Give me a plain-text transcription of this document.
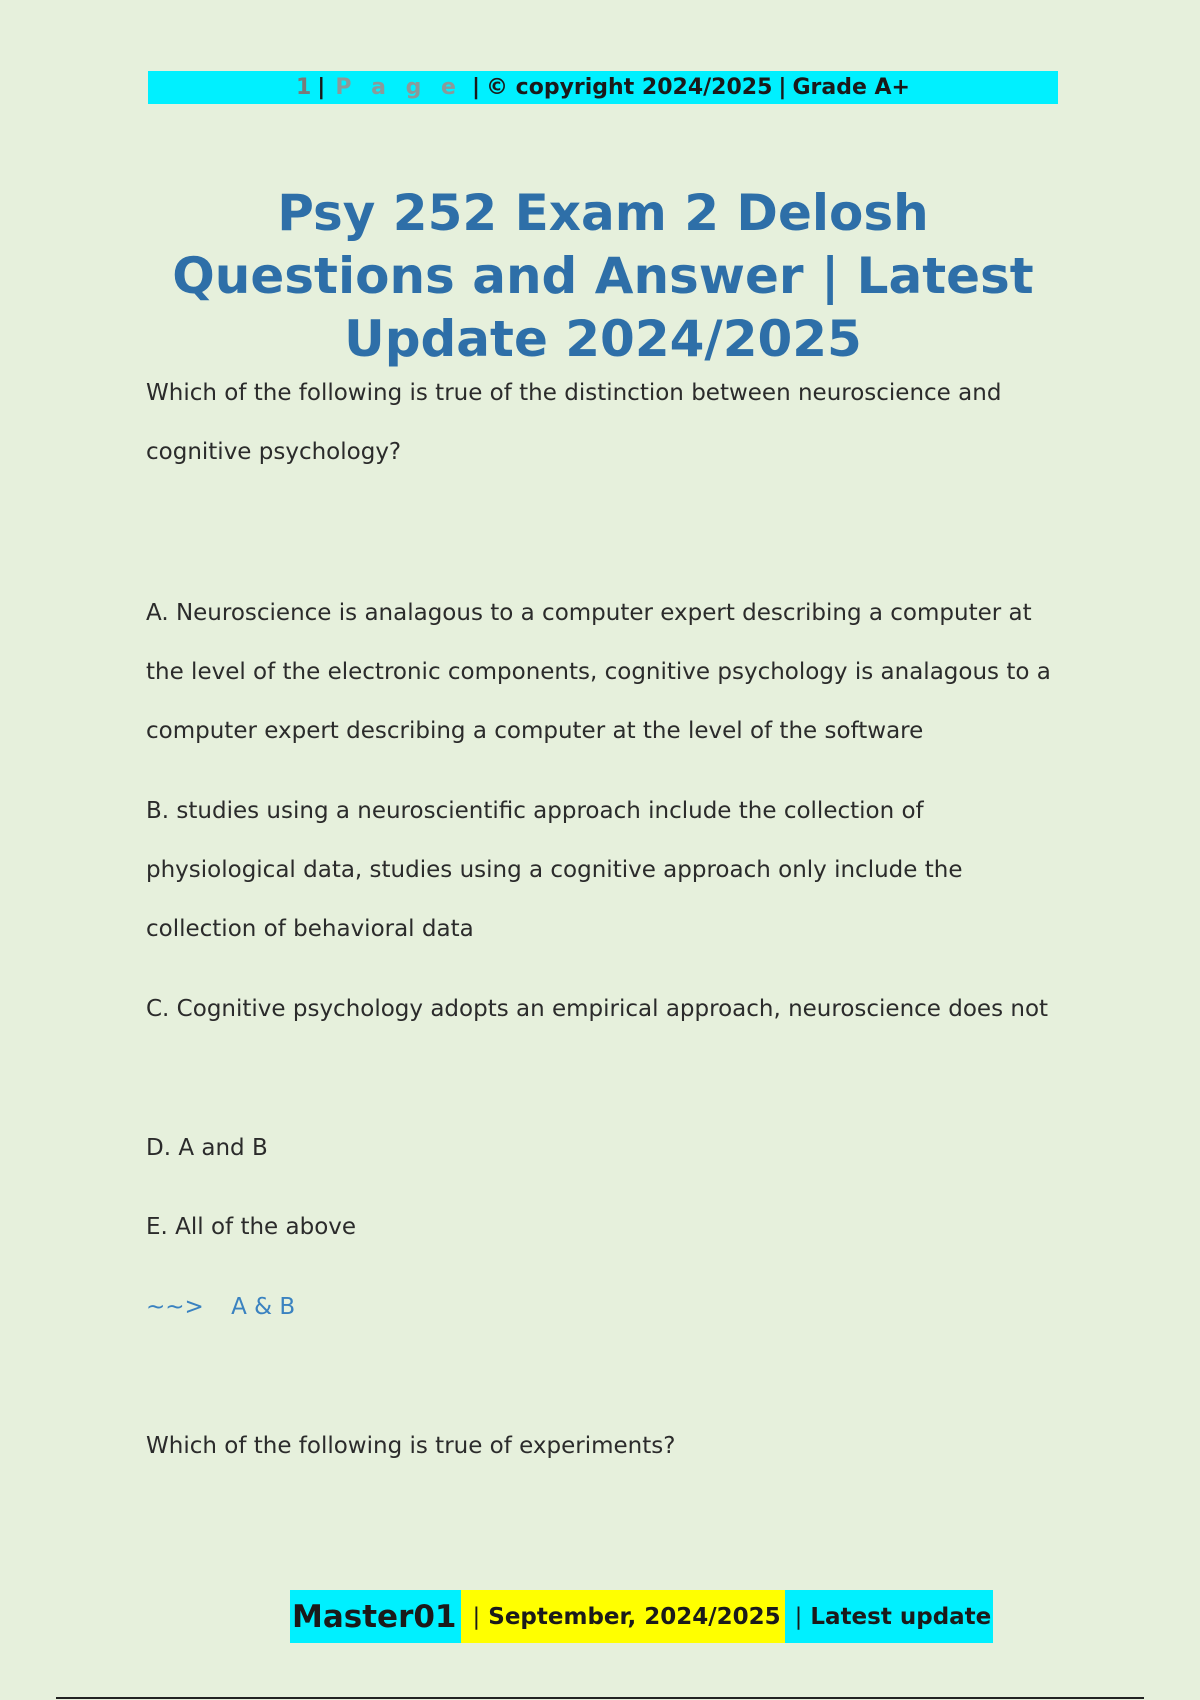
1 | P a g e | © copyright 2024/2025 | Grade A+
Psy 252 Exam 2 Delosh Questions and Answer | Latest Update 2024/2025
Which of the following is true of the distinction between neuroscience and cognitive psychology?
A. Neuroscience is analagous to a computer expert describing a computer at the level of the electronic components, cognitive psychology is analagous to a computer expert describing a computer at the level of the software
B. studies using a neuroscientific approach include the collection of physiological data, studies using a cognitive approach only include the collection of behavioral data
C. Cognitive psychology adopts an empirical approach, neuroscience does not
D. A and B
E. All of the above
~~> A & B
Which of the following is true of experiments?
Master01 | September, 2024/2025 | Latest update
